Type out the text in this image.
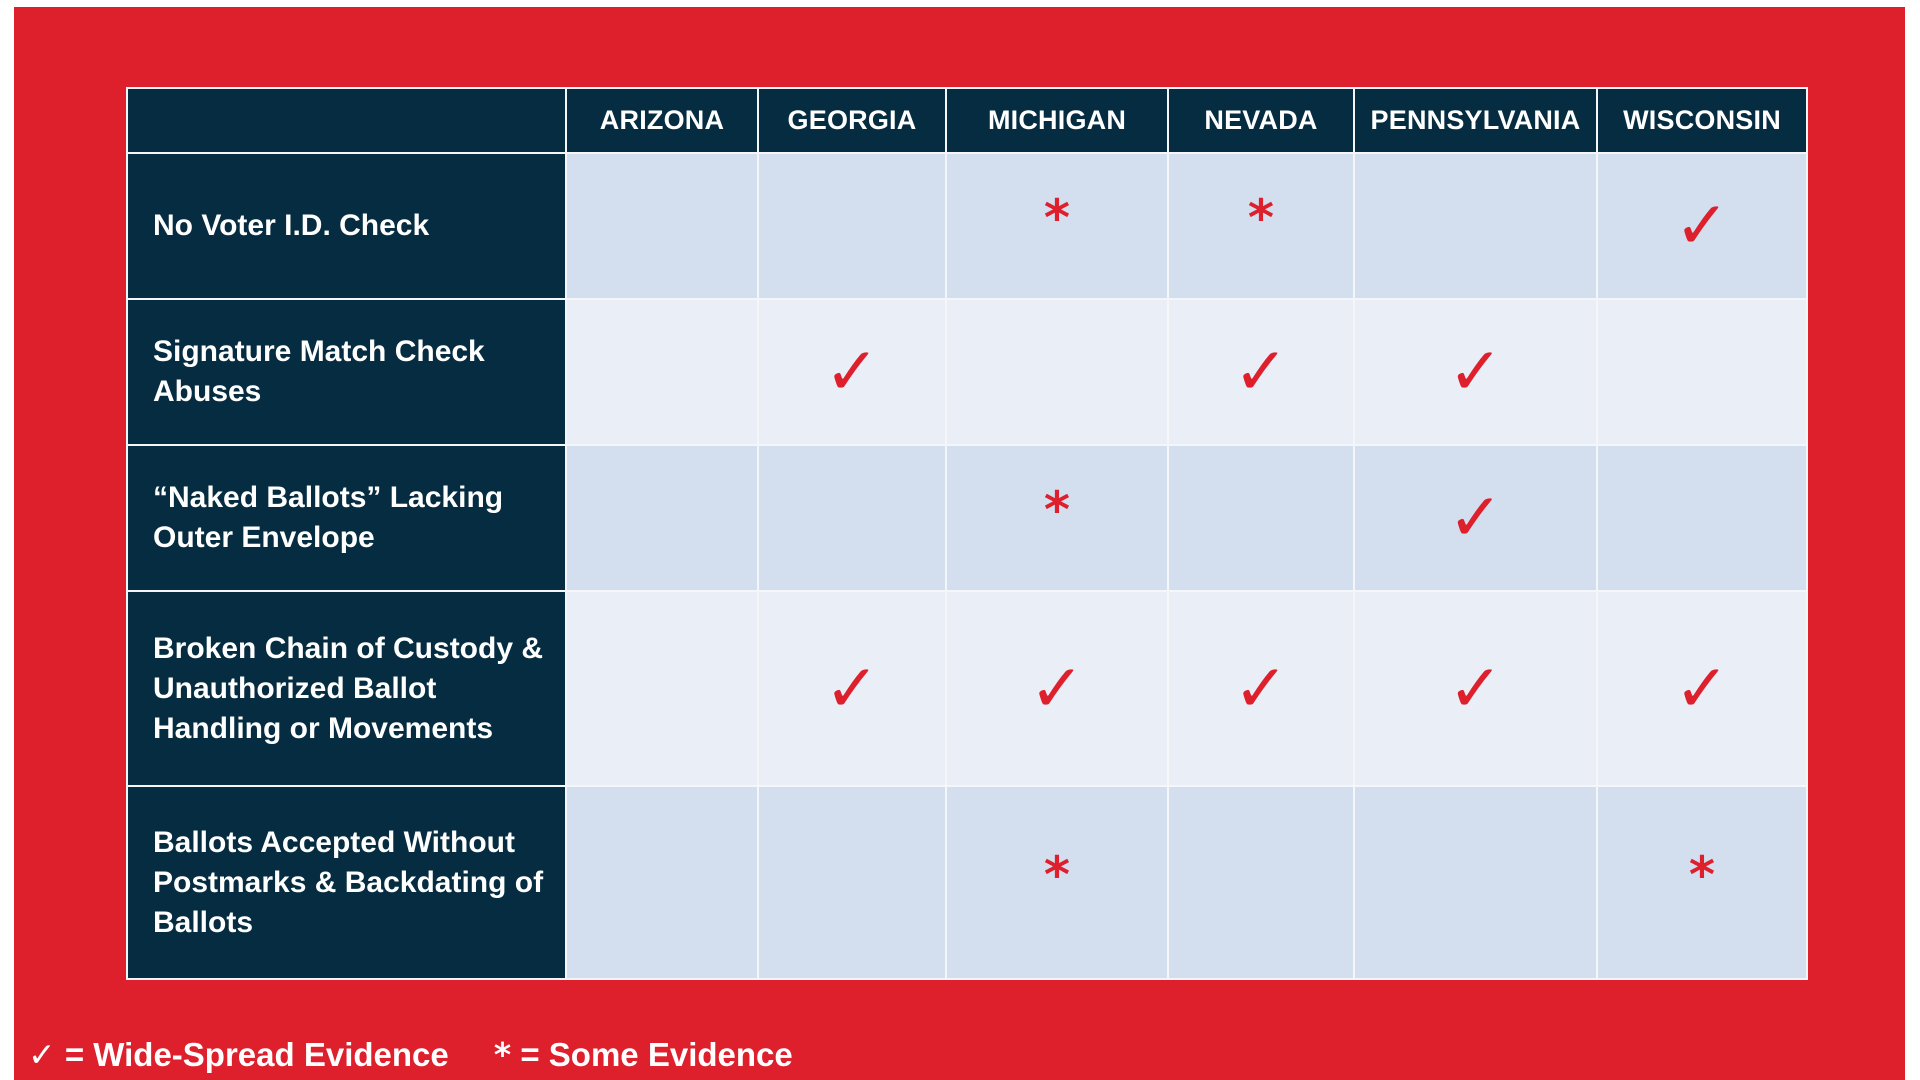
	ARIZONA	GEORGIA	MICHIGAN	NEVADA	PENNSYLVANIA	WISCONSIN
No Voter I.D. Check			*	*		✓
Signature Match Check Abuses		✓		✓	✓	
“Naked Ballots” Lacking Outer Envelope			*		✓	
Broken Chain of Custody & Unauthorized Ballot Handling or Movements		✓	✓	✓	✓	✓
Ballots Accepted Without Postmarks & Backdating of Ballots			*			*
✓ = Wide-Spread Evidence * = Some Evidence
